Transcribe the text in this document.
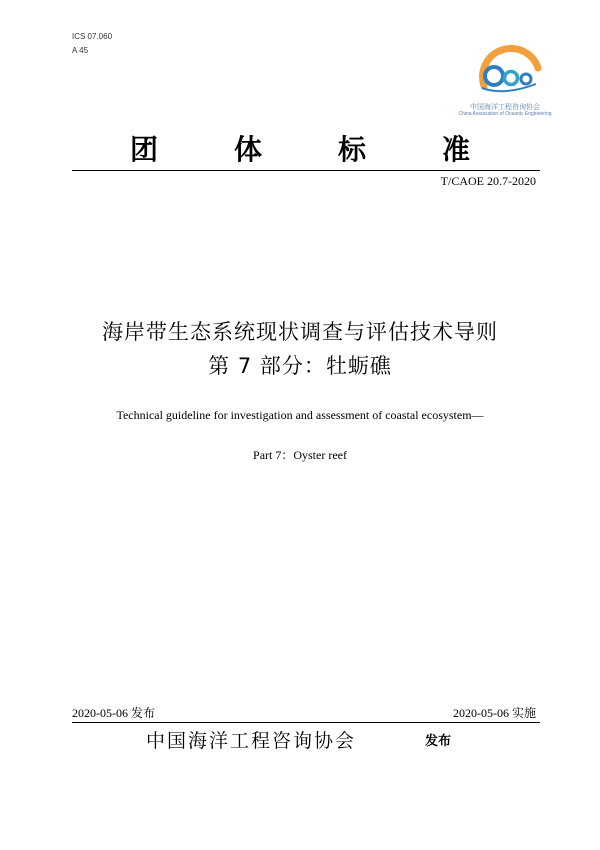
ICS 07.060
A 45
中国海洋工程咨询协会
China Association of Oceanic Engineering
团	体	标	准
T/CAOE 20.7-2020
海岸带生态系统现状调查与评估技术导则
第 7 部分：牡蛎礁
Technical guideline for investigation and assessment of coastal ecosystem—
Part 7：Oyster reef
2020-05-06 发布	2020-05-06 实施
中国海洋工程咨询协会	发布
